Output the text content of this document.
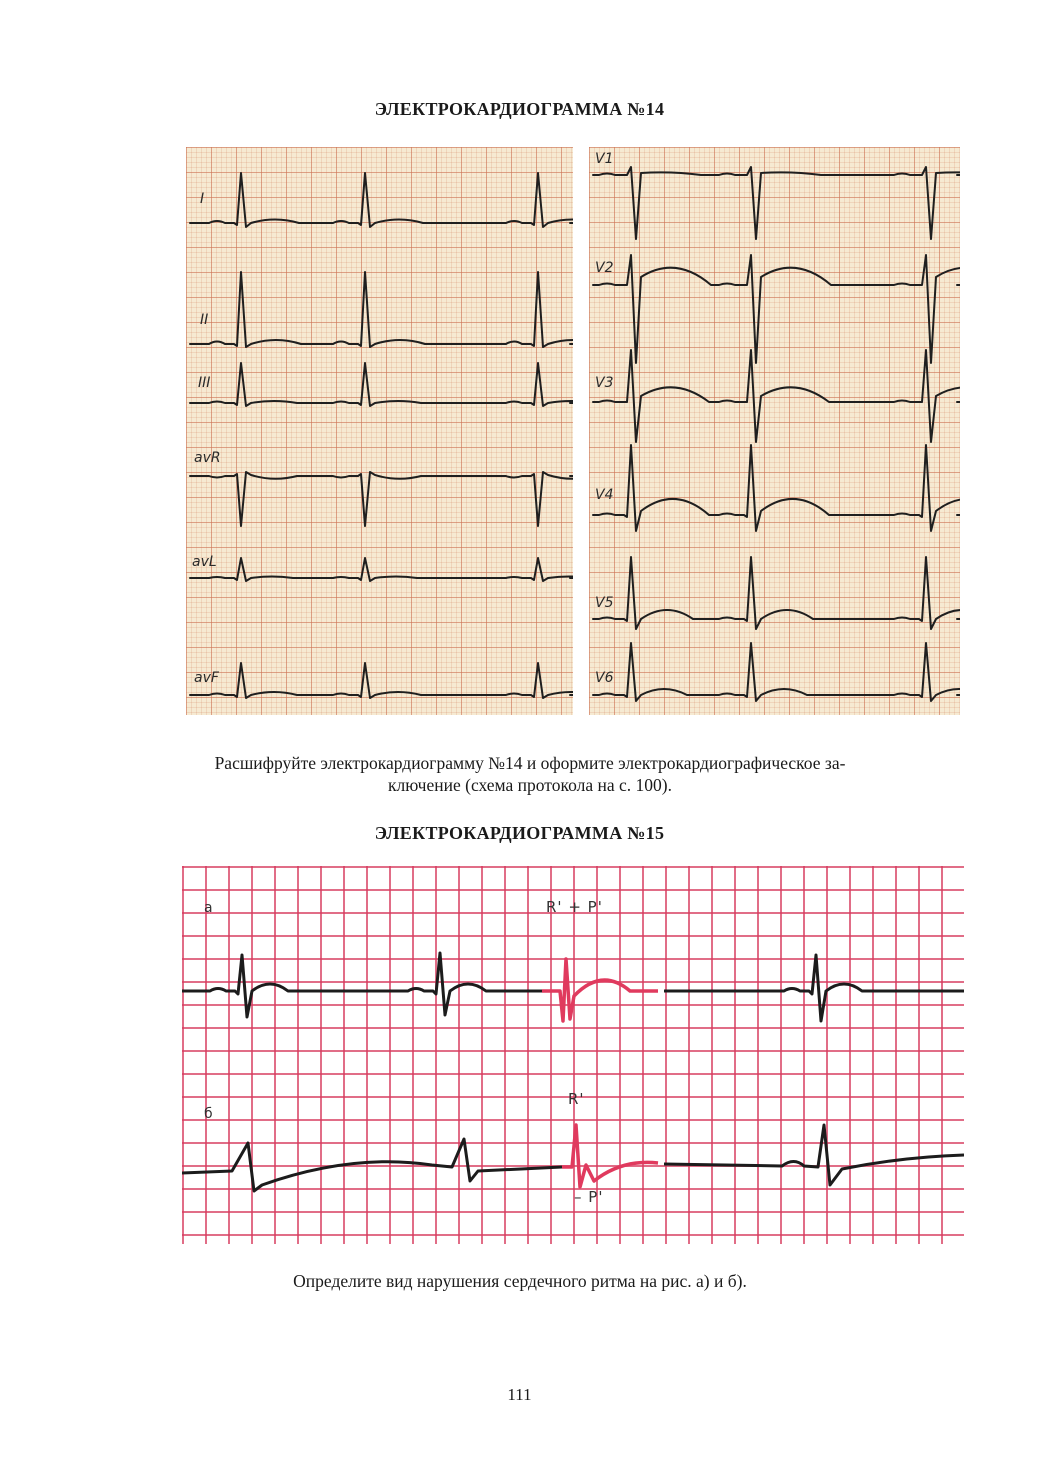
ЭЛЕКТРОКАРДИОГРАММА №14
I
II
III
avR
avL
avF
V1
V2
V3
V4
V5
V6
Расшифруйте электрокардиограмму №14 и оформите электрокардиографическое за-
ключение (схема протокола на с. 100).
ЭЛЕКТРОКАРДИОГРАММА №15
а
б
R' + P'
R'
– P'
Определите вид нарушения сердечного ритма на рис. а) и б).
111
